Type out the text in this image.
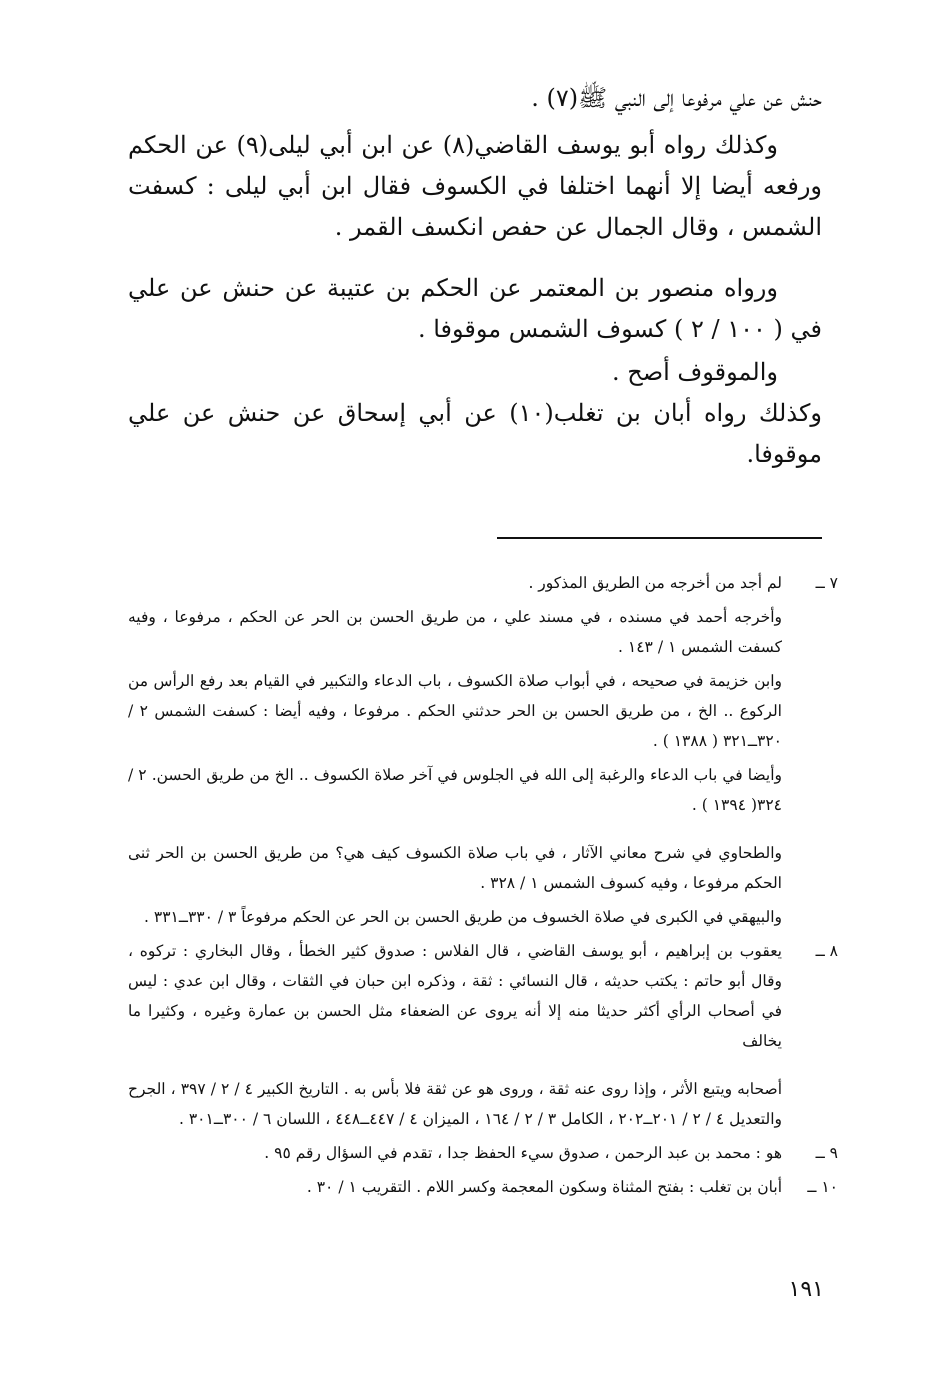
حنش عن علي مرفوعا إلى النبي ﷺ(٧) .

وكذلك رواه أبو يوسف القاضي(٨) عن ابن أبي ليلى(٩) عن الحكم ورفعه أيضا إلا أنهما اختلفا في الكسوف فقال ابن أبي ليلى : كسفت الشمس ، وقال الجمال عن حفص انكسف القمر .

ورواه منصور بن المعتمر عن الحكم بن عتيبة عن حنش عن علي في ( ١٠٠ / ٢ ) كسوف الشمس موقوفا .

والموقوف أصح .

وكذلك رواه أبان بن تغلب(١٠) عن أبي إسحاق عن حنش عن علي موقوفا.

٧ ــ

لم أجد من أخرجه من الطريق المذكور .

وأخرجه أحمد في مسنده ، في مسند علي ، من طريق الحسن بن الحر عن الحكم ، مرفوعا ، وفيه كسفت الشمس ١ / ١٤٣ .

وابن خزيمة في صحيحه ، في أبواب صلاة الكسوف ، باب الدعاء والتكبير في القيام بعد رفع الرأس من الركوع .. الخ ، من طريق الحسن بن الحر حدثني الحكم . مرفوعا ، وفيه أيضا : كسفت الشمس ٢ / ٣٢٠ــ٣٢١ ( ١٣٨٨ ) .

وأيضا في باب الدعاء والرغبة إلى الله في الجلوس في آخر صلاة الكسوف .. الخ من طريق الحسن. ٢ / ٣٢٤( ١٣٩٤ ) .

والطحاوي في شرح معاني الآثار ، في باب صلاة الكسوف كيف هي؟ من طريق الحسن بن الحر ثنى الحكم مرفوعا ، وفيه كسوف الشمس ١ / ٣٢٨ .

والبيهقي في الكبرى في صلاة الخسوف من طريق الحسن بن الحر عن الحكم مرفوعاً ٣ / ٣٣٠ــ٣٣١ .

٨ ــ

يعقوب بن إبراهيم ، أبو يوسف القاضي ، قال الفلاس : صدوق كثير الخطأ ، وقال البخاري : تركوه ، وقال أبو حاتم : يكتب حديثه ، قال النسائي : ثقة ، وذكره ابن حبان في الثقات ، وقال ابن عدي : ليس في أصحاب الرأي أكثر حديثا منه إلا أنه يروى عن الضعفاء مثل الحسن بن عمارة وغيره ، وكثيرا ما يخالف

أصحابه ويتبع الأثر ، وإذا روى عنه ثقة ، وروى هو عن ثقة فلا بأس به . التاريخ الكبير ٤ / ٢ / ٣٩٧ ، الجرح والتعديل ٤ / ٢ / ٢٠١ــ٢٠٢ ، الكامل ٣ / ٢ / ١٦٤ ، الميزان ٤ / ٤٤٧ــ٤٤٨ ، اللسان ٦ / ٣٠٠ــ٣٠١ .

٩ ــ

هو : محمد بن عبد الرحمن ، صدوق سيء الحفظ جدا ، تقدم في السؤال رقم ٩٥ .

١٠ ــ

أبان بن تغلب : بفتح المثناة وسكون المعجمة وكسر اللام . التقريب ١ / ٣٠ .

١٩١
